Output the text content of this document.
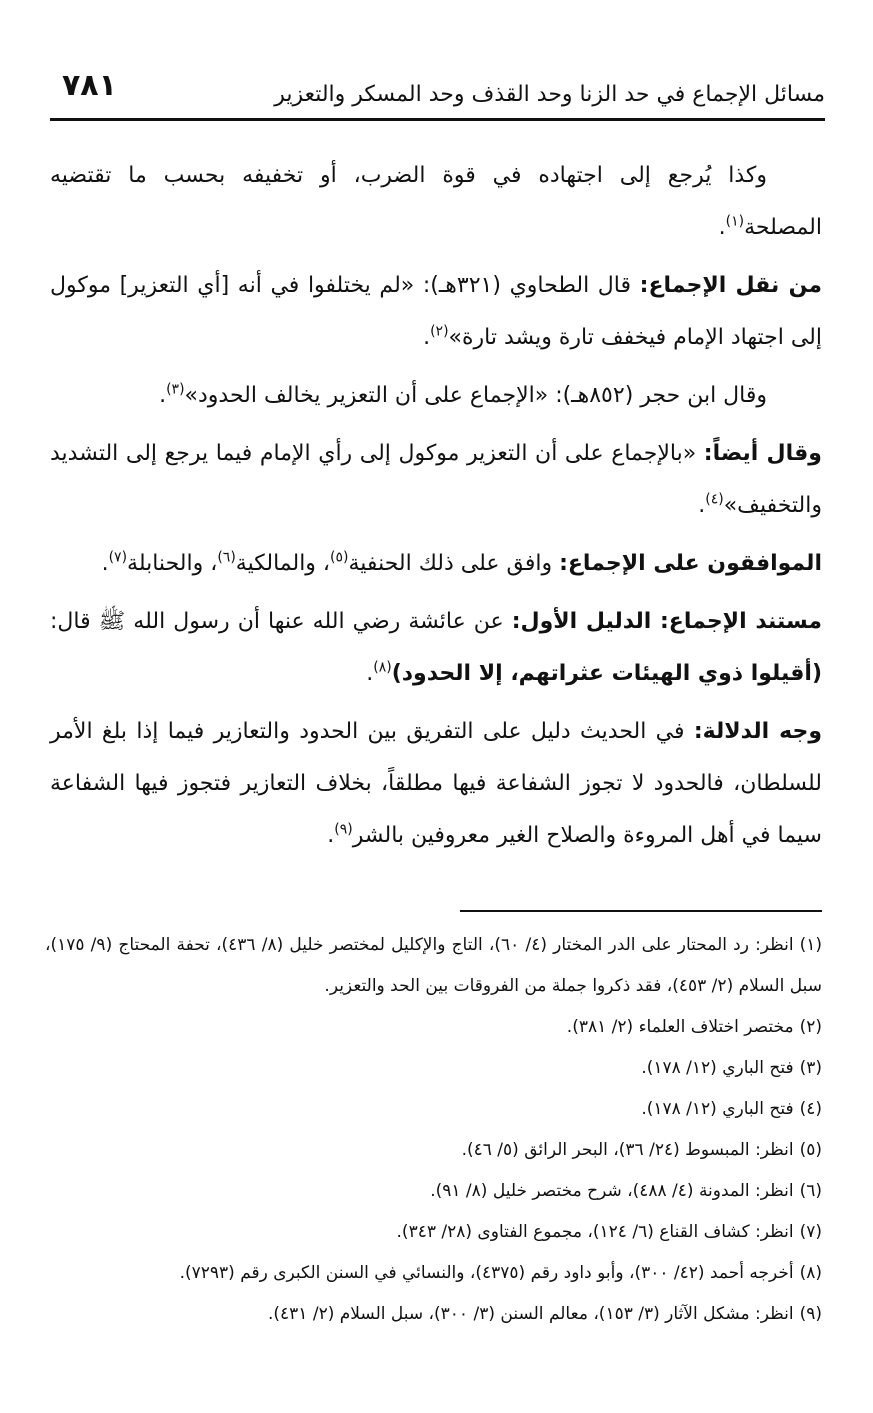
مسائل الإجماع في حد الزنا وحد القذف وحد المسكر والتعزير
٧٨١

وكذا يُرجع إلى اجتهاده في قوة الضرب، أو تخفيفه بحسب ما تقتضيه المصلحة$^{(١)}$.

من نقل الإجماع: قال الطحاوي (٣٢١هـ): «لم يختلفوا في أنه [أي التعزير] موكول إلى اجتهاد الإمام فيخفف تارة ويشد تارة»$^{(٢)}$.

وقال ابن حجر (٨٥٢هـ): «الإجماع على أن التعزير يخالف الحدود»$^{(٣)}$.

وقال أيضاً: «بالإجماع على أن التعزير موكول إلى رأي الإمام فيما يرجع إلى التشديد والتخفيف»$^{(٤)}$.

الموافقون على الإجماع: وافق على ذلك الحنفية$^{(٥)}$، والمالكية$^{(٦)}$، والحنابلة$^{(٧)}$.

مستند الإجماع: الدليل الأول: عن عائشة رضي الله عنها أن رسول الله ﷺ قال: (أقيلوا ذوي الهيئات عثراتهم، إلا الحدود)$^{(٨)}$.

وجه الدلالة: في الحديث دليل على التفريق بين الحدود والتعازير فيما إذا بلغ الأمر للسلطان، فالحدود لا تجوز الشفاعة فيها مطلقاً، بخلاف التعازير فتجوز فيها الشفاعة سيما في أهل المروءة والصلاح الغير معروفين بالشر$^{(٩)}$.

(١)انظر: رد المحتار على الدر المختار (٤/ ٦٠)، التاج والإكليل لمختصر خليل (٨/ ٤٣٦)، تحفة المحتاج (٩/ ١٧٥)، سبل السلام (٢/ ٤٥٣)، فقد ذكروا جملة من الفروقات بين الحد والتعزير.

(٢)مختصر اختلاف العلماء (٢/ ٣٨١).

(٣)فتح الباري (١٢/ ١٧٨).

(٤)فتح الباري (١٢/ ١٧٨).

(٥)انظر: المبسوط (٢٤/ ٣٦)، البحر الرائق (٥/ ٤٦).

(٦)انظر: المدونة (٤/ ٤٨٨)، شرح مختصر خليل (٨/ ٩١).

(٧)انظر: كشاف القناع (٦/ ١٢٤)، مجموع الفتاوى (٢٨/ ٣٤٣).

(٨)أخرجه أحمد (٤٢/ ٣٠٠)، وأبو داود رقم (٤٣٧٥)، والنسائي في السنن الكبرى رقم (٧٢٩٣).

(٩)انظر: مشكل الآثار (٣/ ١٥٣)، معالم السنن (٣/ ٣٠٠)، سبل السلام (٢/ ٤٣١).
